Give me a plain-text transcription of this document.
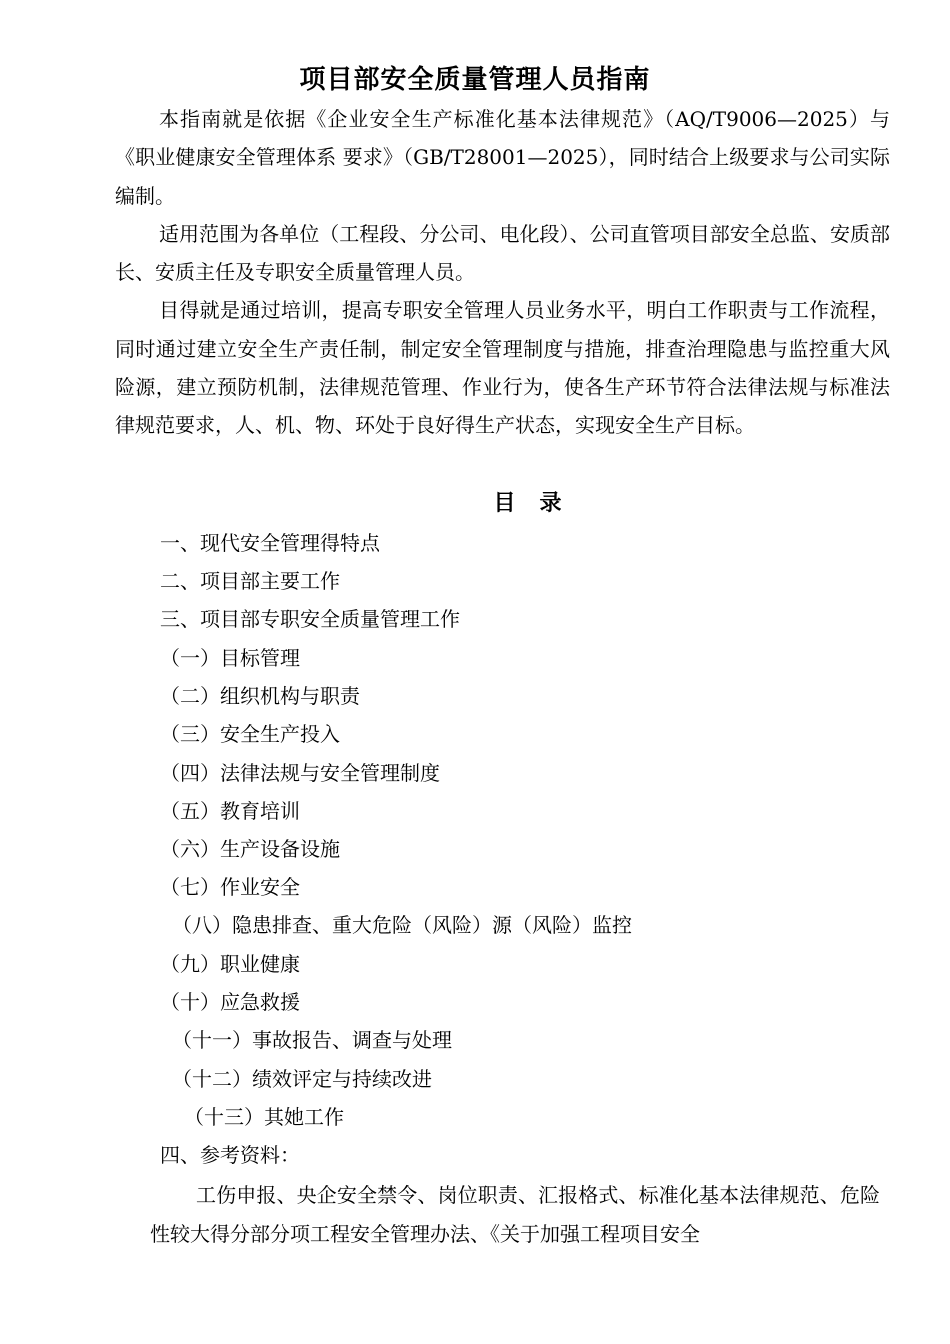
项目部安全质量管理人员指南

本指南就是依据《企业安全生产标准化基本法律规范》（AQ/T9006—2025）与《职业健康安全管理体系 要求》（GB/T28001—2025），同时结合上级要求与公司实际编制。

适用范围为各单位（工程段、分公司、电化段）、公司直管项目部安全总监、安质部长、安质主任及专职安全质量管理人员。

目得就是通过培训，提高专职安全管理人员业务水平，明白工作职责与工作流程，同时通过建立安全生产责任制，制定安全管理制度与措施，排查治理隐患与监控重大风险源，建立预防机制，法律规范管理、作业行为，使各生产环节符合法律法规与标准法律规范要求，人、机、物、环处于良好得生产状态，实现安全生产目标。

目　录
一、现代安全管理得特点
二、项目部主要工作
三、项目部专职安全质量管理工作
（一）目标管理
（二）组织机构与职责
（三）安全生产投入
（四）法律法规与安全管理制度
（五）教育培训
（六）生产设备设施
（七）作业安全
（八）隐患排查、重大危险（风险）源（风险）监控
（九）职业健康
（十）应急救援
（十一）事故报告、调查与处理
（十二）绩效评定与持续改进
（十三）其她工作
四、参考资料：

工伤申报、央企安全禁令、岗位职责、汇报格式、标准化基本法律规范、危险性较大得分部分项工程安全管理办法、《关于加强工程项目安全
